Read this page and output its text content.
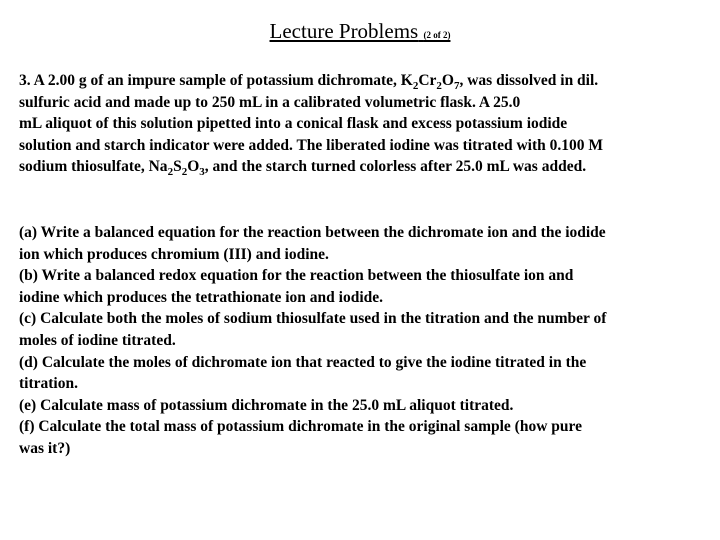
Lecture Problems (2 of 2)
3. A 2.00 g of an impure sample of potassium dichromate, $K_2Cr_2O_7$, was dissolved in dil.
sulfuric acid and made up to 250 mL in a calibrated volumetric flask. A 25.0
mL aliquot of this solution pipetted into a conical flask and excess potassium iodide
solution and starch indicator were added. The liberated iodine was titrated with 0.100 M
sodium thiosulfate, $Na_2S_2O_3$, and the starch turned colorless after 25.0 mL was added.
(a) Write a balanced equation for the reaction between the dichromate ion and the iodide
ion which produces chromium (III) and iodine.
(b) Write a balanced redox equation for the reaction between the thiosulfate ion and
iodine which produces the tetrathionate ion and iodide.
(c) Calculate both the moles of sodium thiosulfate used in the titration and the number of
moles of iodine titrated.
(d) Calculate the moles of dichromate ion that reacted to give the iodine titrated in the
titration.
(e) Calculate mass of potassium dichromate in the 25.0 mL aliquot titrated.
(f) Calculate the total mass of potassium dichromate in the original sample (how pure
was it?)
